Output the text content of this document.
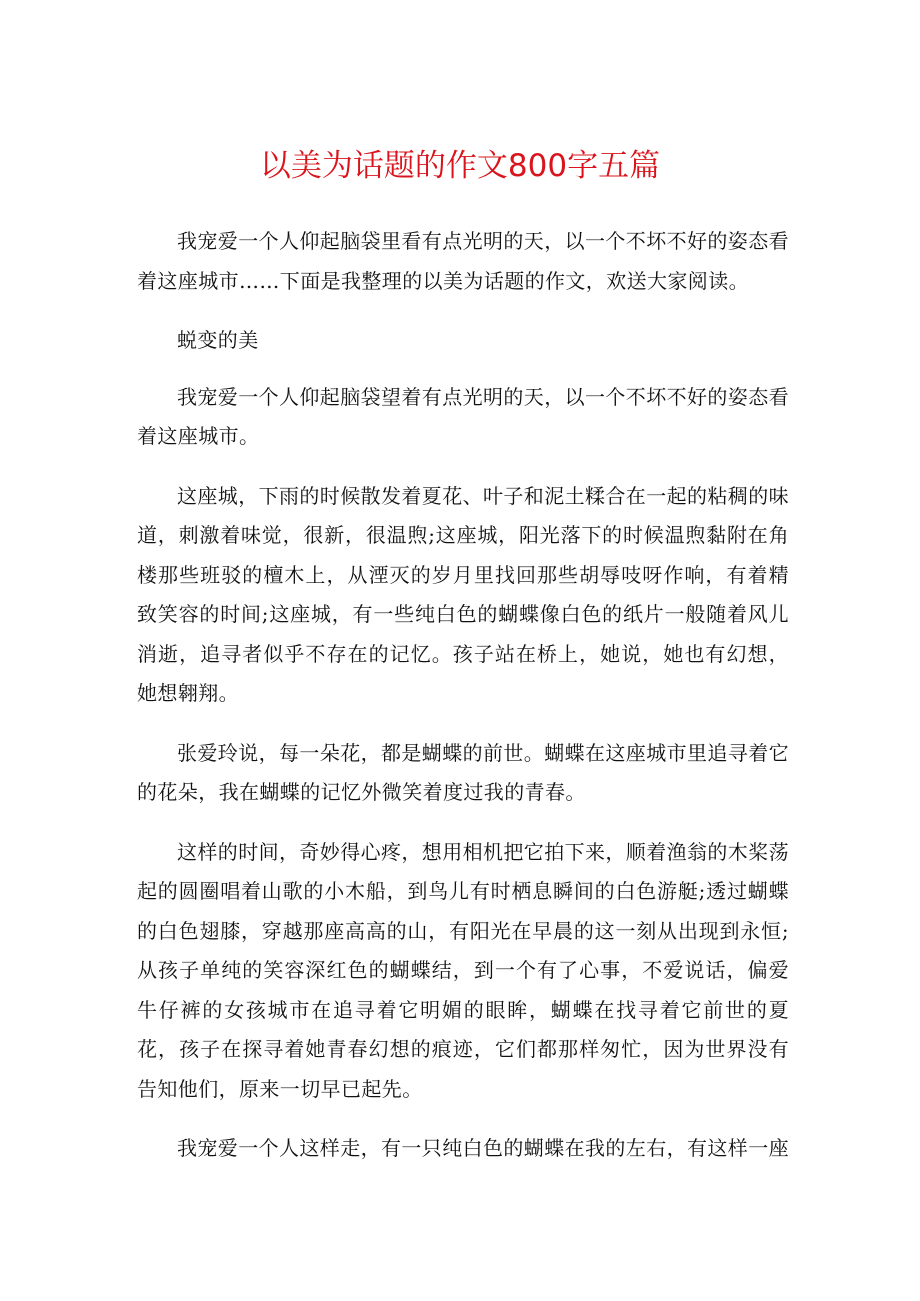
以美为话题的作文800字五篇

我宠爱一个人仰起脑袋里看有点光明的天，以一个不坏不好的姿态看着这座城市……下面是我整理的以美为话题的作文，欢送大家阅读。

蜕变的美

我宠爱一个人仰起脑袋望着有点光明的天，以一个不坏不好的姿态看着这座城市。

这座城，下雨的时候散发着夏花、叶子和泥土糅合在一起的粘稠的味道，刺激着味觉，很新，很温煦;这座城，阳光落下的时候温煦黏附在角楼那些班驳的檀木上，从湮灭的岁月里找回那些胡辱吱呀作响，有着精致笑容的时间;这座城，有一些纯白色的蝴蝶像白色的纸片一般随着风儿消逝，追寻者似乎不存在的记忆。孩子站在桥上，她说，她也有幻想，她想翱翔。

张爱玲说，每一朵花，都是蝴蝶的前世。蝴蝶在这座城市里追寻着它的花朵，我在蝴蝶的记忆外微笑着度过我的青春。

这样的时间，奇妙得心疼，想用相机把它拍下来，顺着渔翁的木桨荡起的圆圈唱着山歌的小木船，到鸟儿有时栖息瞬间的白色游艇;透过蝴蝶的白色翅膝，穿越那座高高的山，有阳光在早晨的这一刻从出现到永恒;从孩子单纯的笑容深红色的蝴蝶结，到一个有了心事，不爱说话，偏爱牛仔裤的女孩城市在追寻着它明媚的眼眸，蝴蝶在找寻着它前世的夏花，孩子在探寻着她青春幻想的痕迹，它们都那样匆忙，因为世界没有告知他们，原来一切早已起先。

我宠爱一个人这样走，有一只纯白色的蝴蝶在我的左右，有这样一座
